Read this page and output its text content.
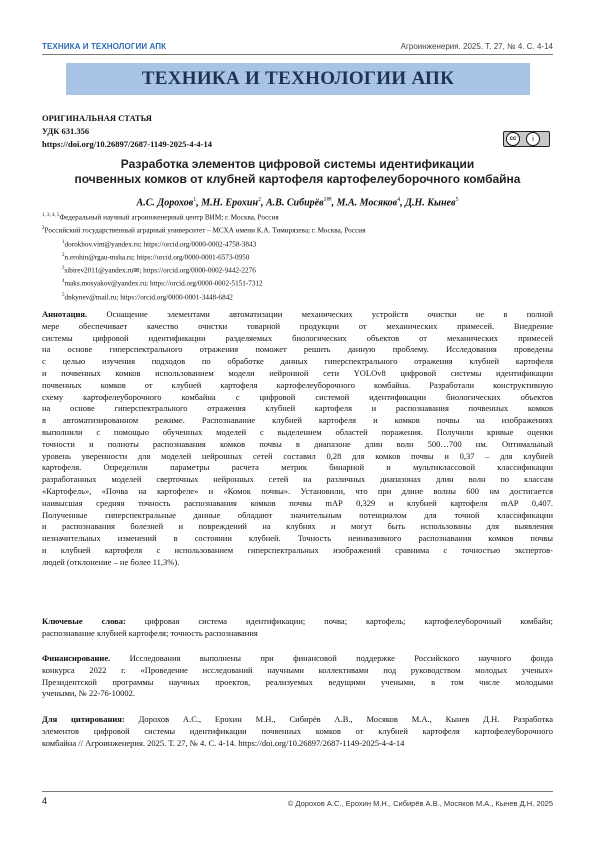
ТЕХНИКА И ТЕХНОЛОГИИ АПК	Агроинженерия. 2025. Т. 27, № 4. С. 4-14
ТЕХНИКА И ТЕХНОЛОГИИ АПК
ОРИГИНАЛЬНАЯ СТАТЬЯ
УДК 631.356
https://doi.org/10.26897/2687-1149-2025-4-4-14	cc	i
Разработка элементов цифровой системы идентификации
почвенных комков от клубней картофеля картофелеуборочного комбайна
А.С. Дорохов$^1$, М.Н. Ерохин$^2$, А.В. Сибирёв$^{1✉}$, М.А. Мосяков$^4$, Д.Н. Кынев$^5$
$^{1, 3, 4, 5}$Федеральный научный агроинженерный центр ВИМ; г. Москва, Россия
$^2$Российский государственный аграрный университет – МСХА имени К.А. Тимирязева; г. Москва, Россия
$^1$dorokhov.vim@yandex.ru; https://orcid.org/0000-0002-4758-3843
$^2$n.erohin@rgau-msha.ru; https://orcid.org/0000-0001-6573-0950
$^3$sibirev2011@yandex.ru✉; https://orcid.org/0000-0002-9442-2276
$^4$maks.mosyakov@yandex.ru; https://orcid.org/0000-0002-5151-7312
$^5$dnkynev@mail.ru; https://orcid.org/0000-0001-3448-6842
Аннотация. Оснащение элементами автоматизации механических устройств очистки не в полной
мере обеспечивает качество очистки товарной продукции от механических примесей. Внедрение
системы цифровой идентификации разделяемых биологических объектов от механических примесей
на основе гиперспектрального отражения поможет решить данную проблему. Исследования проведены
с целью изучения подходов по обработке данных гиперспектрального отражения клубней картофеля
и почвенных комков использованием модели нейронной сети YOLOv8 цифровой системы идентификации
почвенных комков от клубней картофеля картофелеуборочного комбайна. Разработали конструктивную
схему картофелеуборочного комбайна с цифровой системой идентификации биологических объектов
на основе гиперспектрального отражения клубней картофеля и распознавания почвенных комков
в автоматизированном режиме. Распознавание клубней картофеля и комков почвы на изображениях
выполнили с помощью обученных моделей с выделением областей поражения. Получили кривые оценки
точности и полноты распознавания комков почвы в диапазоне длин волн 500…700 нм. Оптимальный
уровень уверенности для моделей нейронных сетей составил 0,28 для комков почвы и 0,37 – для клубней
картофеля. Определили параметры расчета метрик бинарной и мультиклассовой классификации
разработанных моделей сверточных нейронных сетей на различных диапазонах длин волн по классам
«Картофель», «Почва на картофеле» и «Комок почвы». Установили, что при длине волны 600 нм достигается
наивысшая средняя точность распознавания комков почвы mAP 0,329 и клубней картофеля mAP 0,407.
Полученные гиперспектральные данные обладают значительным потенциалом для точной классификации
и распознавания болезней и повреждений на клубнях и могут быть использованы для выявления
незначительных изменений в состоянии клубней. Точность неинвазивного распознавания комков почвы
и клубней картофеля с использованием гиперспектральных изображений сравнима с точностью экспертов-
людей (отклонение – не более 11,3%).
Ключевые слова: цифровая система идентификации; почва; картофель; картофелеуборочный комбайн;
распознавание клубней картофеля; точность распознавания
Финансирование. Исследования выполнены при финансовой поддержке Российского научного фонда
конкурса 2022 г. «Проведение исследований научными коллективами под руководством молодых ученых»
Президентской программы научных проектов, реализуемых ведущими учеными, в том числе молодыми
учеными, № 22-76-10002.
Для цитирования: Дорохов А.С., Ерохин М.Н., Сибирёв А.В., Мосяков М.А., Кынев Д.Н. Разработка
элементов цифровой системы идентификации почвенных комков от клубней картофеля картофелеуборочного
комбайна // Агроинженерия. 2025. Т. 27, № 4. С. 4-14. https://doi.org/10.26897/2687-1149-2025-4-4-14
4	© Дорохов А.С., Ерохин М.Н., Сибирёв А.В., Мосяков М.А., Кынев Д.Н, 2025
